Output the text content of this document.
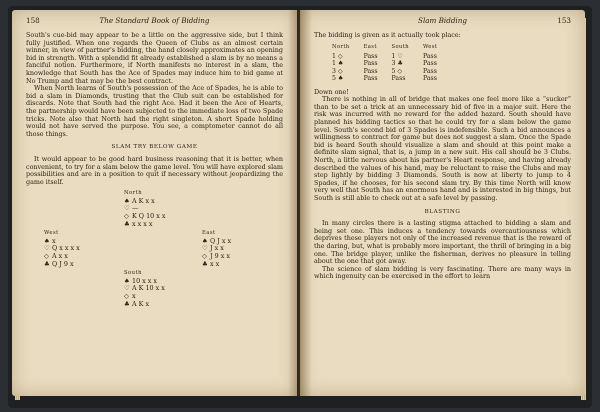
158	The Standard Book of Bidding

South's cue-bid may appear to be a little on the aggressive side, but I think fully justified. When one regards the Queen of Clubs as an almost certain winner, in view of partner's bidding, the hand closely approximates an opening bid in strength. With a splendid fit already established a slam is by no means a fanciful notion. Furthermore, if North manifests no interest in a slam, the knowledge that South has the Ace of Spades may induce him to bid game at No Trump and that may be the best contract.

When North learns of South's possession of the Ace of Spades, he is able to bid a slam in Diamonds, trusting that the Club suit can be established for discards. Note that South had the right Ace. Had it been the Ace of Hearts, the partnership would have been subjected to the immediate loss of two Spade tricks. Note also that North had the right singleton. A short Spade holding would not have served the purpose. You see, a comptometer cannot do all those things.

SLAM TRY BELOW GAME

It would appear to be good hard business reasoning that it is better, when convenient, to try for a slam below the game level. You will have explored slam possibilities and are in a position to quit if necessary without jeopardizing the game itself.

North
♠ A K x x
♡ —
◇ K Q 10 x x
♣ x x x x
West
♠ x
♡ Q x x x x
◇ A x x
♣ Q J 9 x
East
♠ Q J x x
♡ J x x
◇ J 9 x x
♣ x x
South
♠ 10 x x x
♡ A K 10 x x
◇ x
♣ A K x
Slam Bidding	153

The bidding is given as it actually took place:

North	East	South	West
1 ◇	Pass	1 ♡	Pass
1 ♠	Pass	3 ♣	Pass
3 ◇	Pass	5 ◇	Pass
5 ♠	Pass	Pass	Pass

Down one!

There is nothing in all of bridge that makes one feel more like a “sucker” than to be set a trick at an unnecessary bid of five in a major suit. Here the risk was incurred with no reward for the added hazard. South should have planned his bidding tactics so that he could try for a slam below the game level. South's second bid of 3 Spades is indefensible. Such a bid announces a willingness to contract for game but does not suggest a slam. Once the Spade bid is heard South should visualize a slam and should at this point make a definite slam signal, that is, a jump in a new suit. His call should be 3 Clubs. North, a little nervous about his partner's Heart response, and having already described the values of his hand, may be reluctant to raise the Clubs and may step lightly by bidding 3 Diamonds. South is now at liberty to jump to 4 Spades, if he chooses, for his second slam try. By this time North will know very well that South has an enormous hand and is interested in big things, but South is still able to check out at a safe level by passing.

BLASTING

In many circles there is a lasting stigma attached to bidding a slam and being set one. This induces a tendency towards overcautiousness which deprives these players not only of the increased revenue that is the reward of the daring, but, what is probably more important, the thrill of bringing in a big one. The bridge player, unlike the fisherman, derives no pleasure in telling about the one that got away.

The science of slam bidding is very fascinating. There are many ways in which ingenuity can be exercised in the effort to learn
